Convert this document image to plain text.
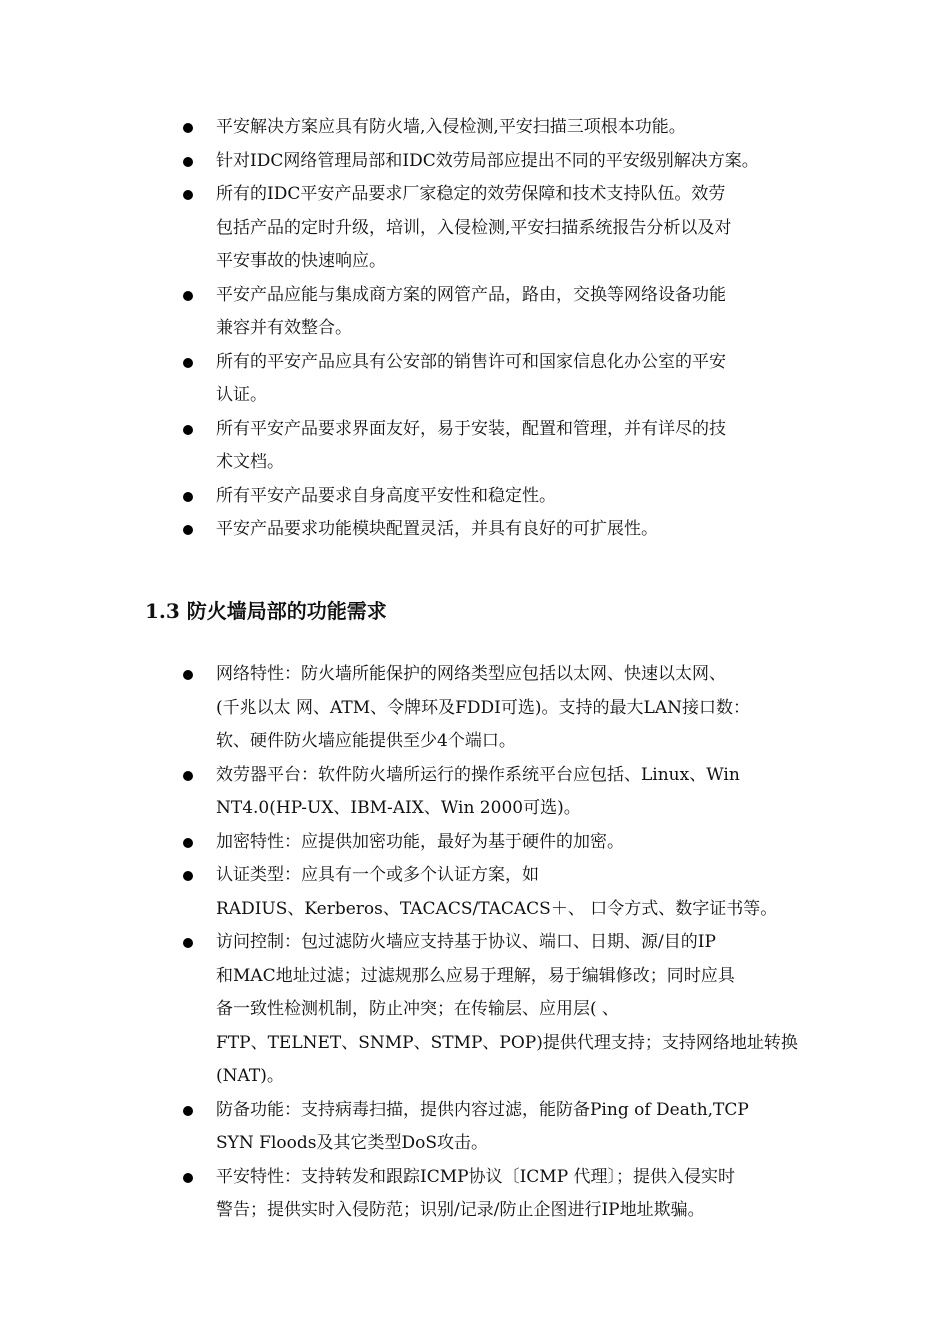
平安解决方案应具有防火墙,入侵检测,平安扫描三项根本功能。
针对IDC网络管理局部和IDC效劳局部应提出不同的平安级别解决方案。
所有的IDC平安产品要求厂家稳定的效劳保障和技术支持队伍。效劳
包括产品的定时升级，培训，入侵检测,平安扫描系统报告分析以及对
平安事故的快速响应。
平安产品应能与集成商方案的网管产品，路由，交换等网络设备功能
兼容并有效整合。
所有的平安产品应具有公安部的销售许可和国家信息化办公室的平安
认证。
所有平安产品要求界面友好，易于安装，配置和管理，并有详尽的技
术文档。
所有平安产品要求自身高度平安性和稳定性。
平安产品要求功能模块配置灵活，并具有良好的可扩展性。
1.3 防火墙局部的功能需求
网络特性：防火墙所能保护的网络类型应包括以太网、快速以太网、
(千兆以太 网、ATM、令牌环及FDDI可选)。支持的最大LAN接口数：
软、硬件防火墙应能提供至少4个端口。
效劳器平台：软件防火墙所运行的操作系统平台应包括、Linux、Win
NT4.0(HP-UX、IBM-AIX、Win 2000可选)。
加密特性：应提供加密功能，最好为基于硬件的加密。
认证类型：应具有一个或多个认证方案，如
RADIUS、Kerberos、TACACS/TACACS＋、 口令方式、数字证书等。
访问控制：包过滤防火墙应支持基于协议、端口、日期、源/目的IP
和MAC地址过滤；过滤规那么应易于理解，易于编辑修改；同时应具
备一致性检测机制，防止冲突；在传输层、应用层( 、
FTP、TELNET、SNMP、STMP、POP)提供代理支持；支持网络地址转换
(NAT)。
防备功能：支持病毒扫描，提供内容过滤，能防备Ping of Death,TCP
SYN Floods及其它类型DoS攻击。
平安特性：支持转发和跟踪ICMP协议〔ICMP 代理〕；提供入侵实时
警告；提供实时入侵防范；识别/记录/防止企图进行IP地址欺骗。
